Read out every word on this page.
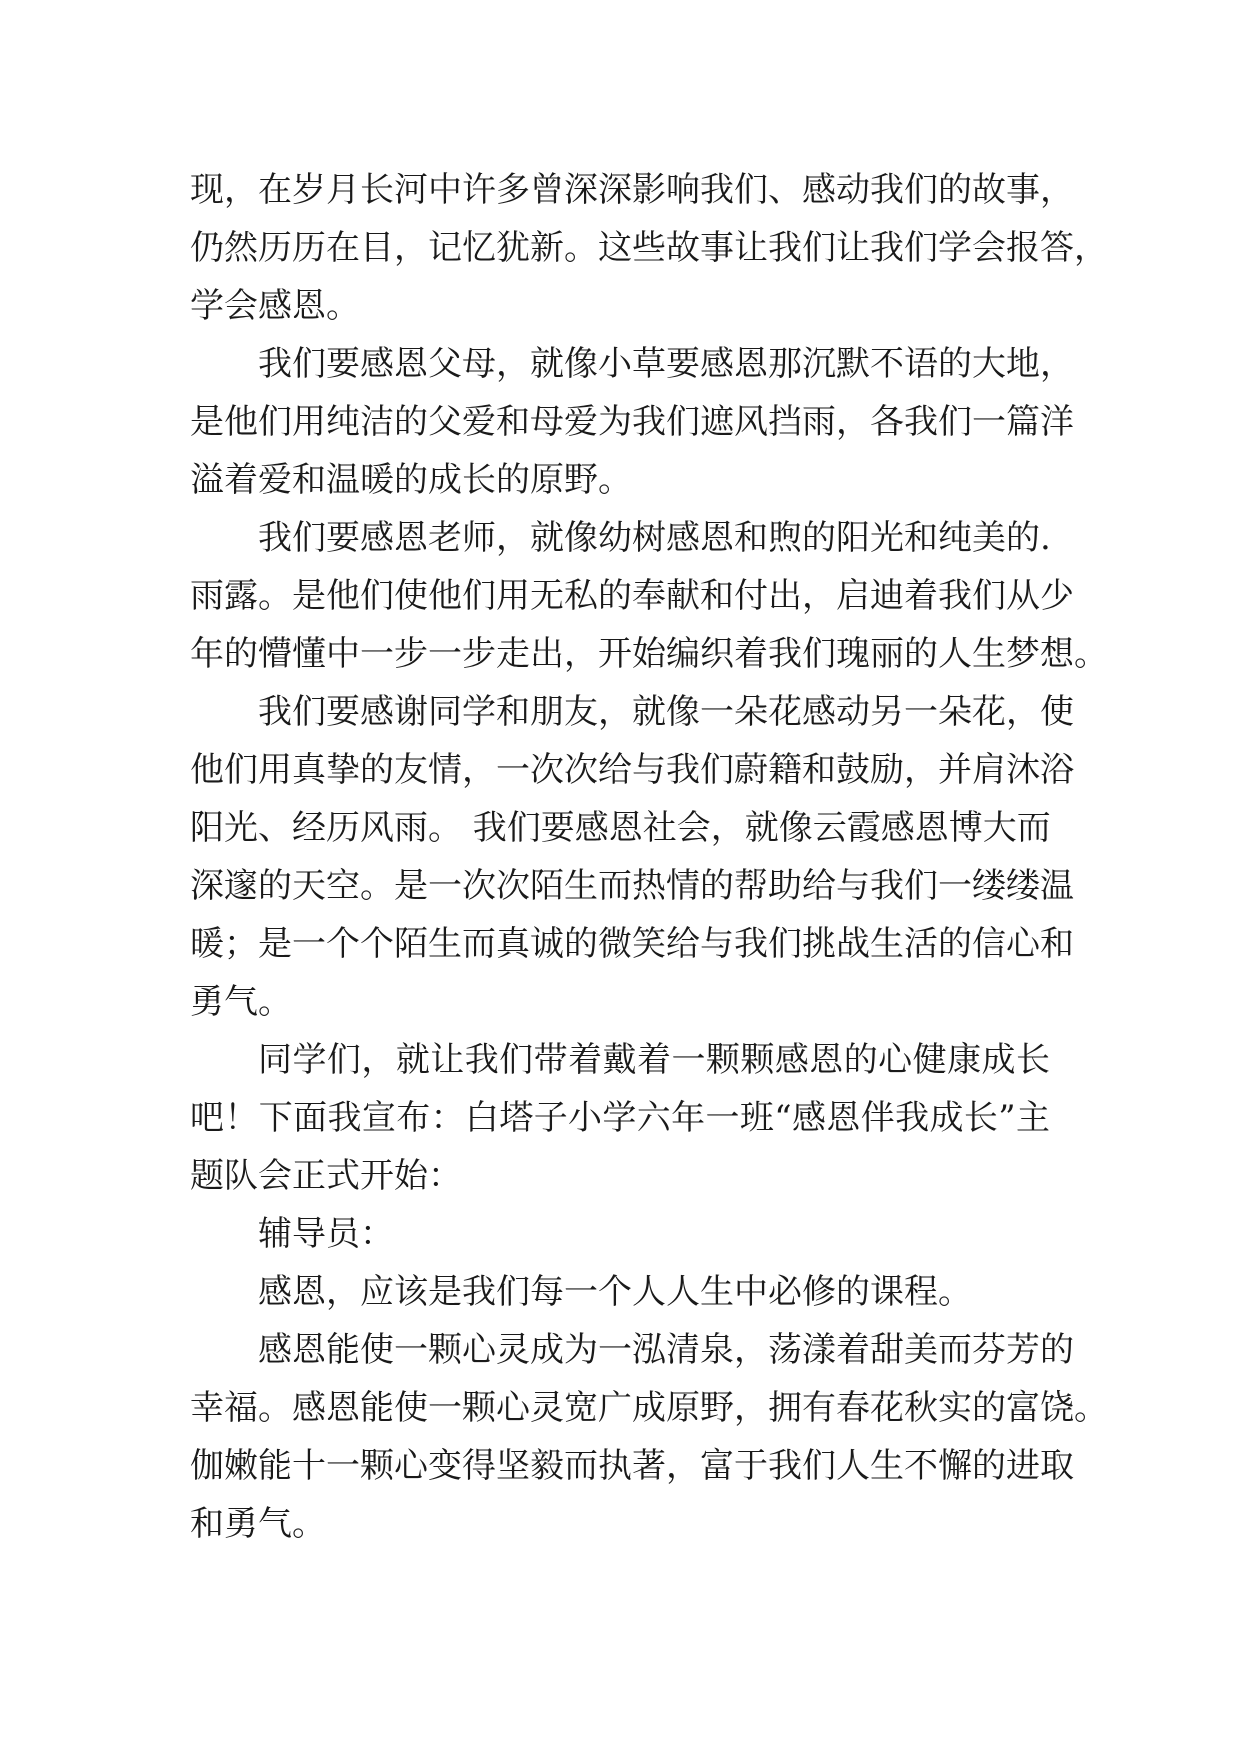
现，在岁月长河中许多曾深深影响我们、感动我们的故事，
仍然历历在目，记忆犹新。这些故事让我们让我们学会报答，
学会感恩。
我们要感恩父母，就像小草要感恩那沉默不语的大地，
是他们用纯洁的父爱和母爱为我们遮风挡雨，各我们一篇洋
溢着爱和温暖的成长的原野。
我们要感恩老师，就像幼树感恩和煦的阳光和纯美的.
雨露。是他们使他们用无私的奉献和付出，启迪着我们从少
年的懵懂中一步一步走出，开始编织着我们瑰丽的人生梦想。
我们要感谢同学和朋友，就像一朵花感动另一朵花，使
他们用真挚的友情，一次次给与我们蔚籍和鼓励，并肩沐浴
阳光、经历风雨。 我们要感恩社会，就像云霞感恩博大而
深邃的天空。是一次次陌生而热情的帮助给与我们一缕缕温
暖；是一个个陌生而真诚的微笑给与我们挑战生活的信心和
勇气。
同学们，就让我们带着戴着一颗颗感恩的心健康成长
吧！下面我宣布：白塔子小学六年一班“感恩伴我成长”主
题队会正式开始：
辅导员：
感恩，应该是我们每一个人人生中必修的课程。
感恩能使一颗心灵成为一泓清泉，荡漾着甜美而芬芳的
幸福。感恩能使一颗心灵宽广成原野，拥有春花秋实的富饶。
伽嫩能十一颗心变得坚毅而执著，富于我们人生不懈的进取
和勇气。
